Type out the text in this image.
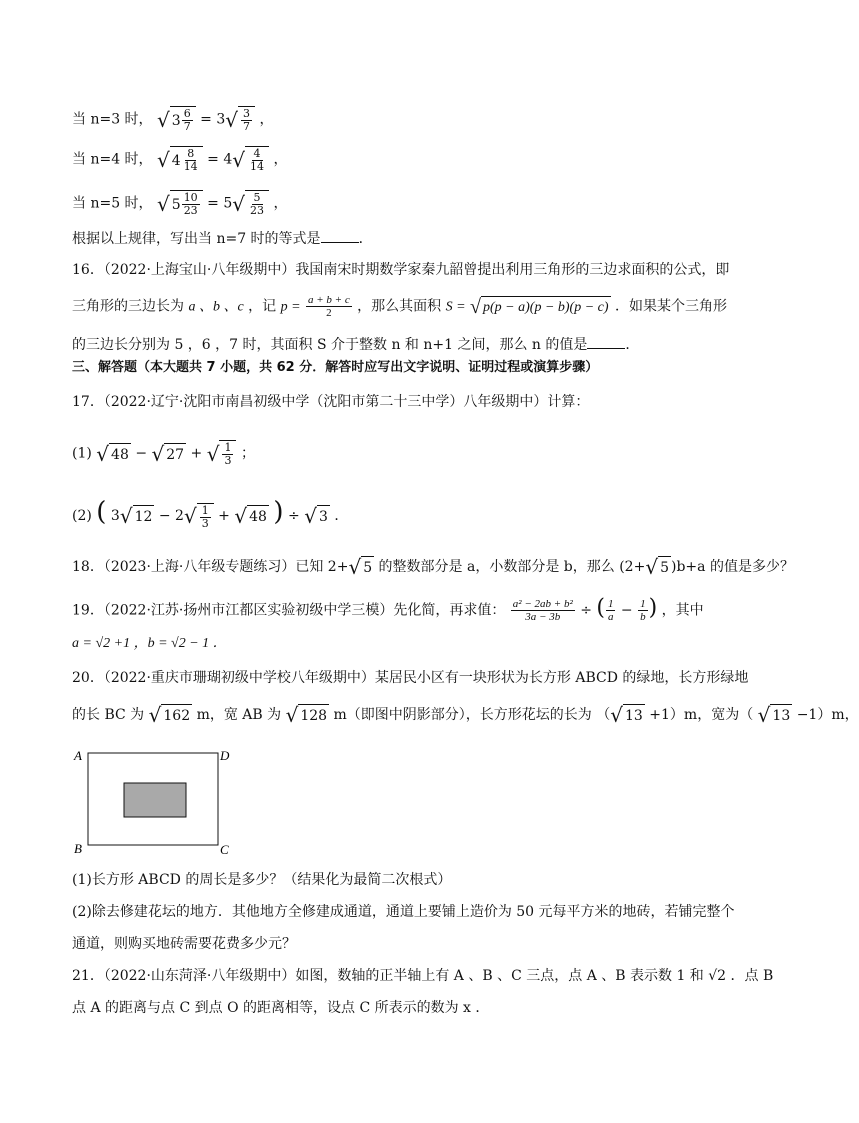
当 n=3 时， √ $3 \frac{6}{7} = 3$ √ $\frac{3}{7}$ ，
当 n=4 时， √ $4 \frac{8}{14} = 4$ √ $\frac{4}{14}$ ，
当 n=5 时， √ $5 \frac{10}{23} = 5$ √ $\frac{5}{23}$ ，
根据以上规律，写出当 n=7 时的等式是	．
16．（2022·上海宝山·八年级期中）我国南宋时期数学家秦九韶曾提出利用三角形的三边求面积的公式，即
三角形的三边长为 a 、b 、c ，记 $p = \frac{a + b + c}{2}$ ，那么其面积 S = √ p(p − a)(p − b)(p − c) ．如果某个三角形
的三边长分别为 5 ，6 ，7 时，其面积 S 介于整数 n 和 n+1 之间，那么 n 的值是	．
三、解答题（本大题共 7 小题，共 62 分．解答时应写出文字说明、证明过程或演算步骤）
17．（2022·辽宁·沈阳市南昌初级中学（沈阳市第二十三中学）八年级期中）计算：
(1) √ 48 − √ 27 + √ $\frac{1}{3}$ ；
(2) ( 3 √ 12 − 2 √ $\frac{1}{3}$ + √ 48 ) ÷ √ 3 ．
18．（2023·上海·八年级专题练习）已知 2+ √ 5 的整数部分是 a，小数部分是 b，那么 (2+ √ 5 )b+a 的值是多少？
19．（2022·江苏·扬州市江都区实验初级中学三模）先化简，再求值： $\frac{\text{a² − 2ab + b²}}{3a - 3b}$ ÷ ( $\frac{1}{a} - \frac{1}{b}$ ) ，其中
a = √2 +1 ，b = √2 − 1 ．
20．（2022·重庆市珊瑚初级中学校八年级期中）某居民小区有一块形状为长方形 ABCD 的绿地，长方形绿地
的长 BC 为 √ 162 m，宽 AB 为 √ 128 m（即图中阴影部分），长方形花坛的长为 （ √ 13 +1）m，宽为（ √ 13 −1）m，
A	D
B	C
(1)长方形 ABCD 的周长是多少？（结果化为最简二次根式）
(2)除去修建花坛的地方．其他地方全修建成通道，通道上要铺上造价为 50 元每平方米的地砖，若铺完整个
通道，则购买地砖需要花费多少元？
21．（2022·山东菏泽·八年级期中）如图，数轴的正半轴上有 A 、B 、C 三点，点 A 、B 表示数 1 和 √2 ．点 B
点 A 的距离与点 C 到点 O 的距离相等，设点 C 所表示的数为 x ．
